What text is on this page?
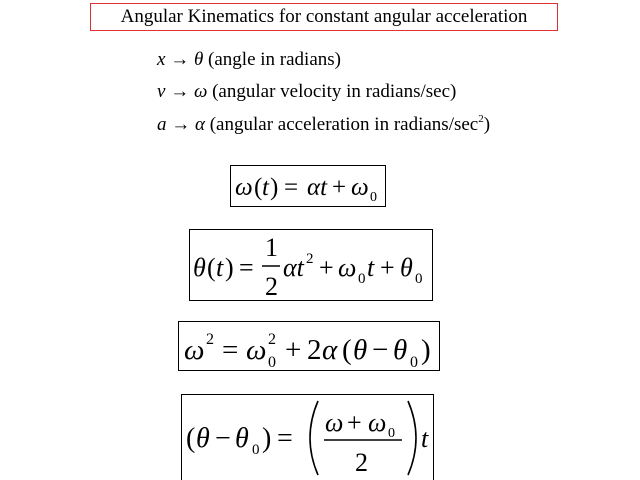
Angular Kinematics for constant angular acceleration
x → θ (angle in radians)
v → ω (angular velocity in radians/sec)
a → α (angular acceleration in radians/$\sec^2$)
ω ( t ) = αt + ω 0
θ ( t ) =
1
2
αt 2 + ω 0 t + θ 0
ω 2 = ω 2
0 + 2 α ( θ − θ 0 )
( θ − θ 0 ) =
ω + ω 0
2
t
